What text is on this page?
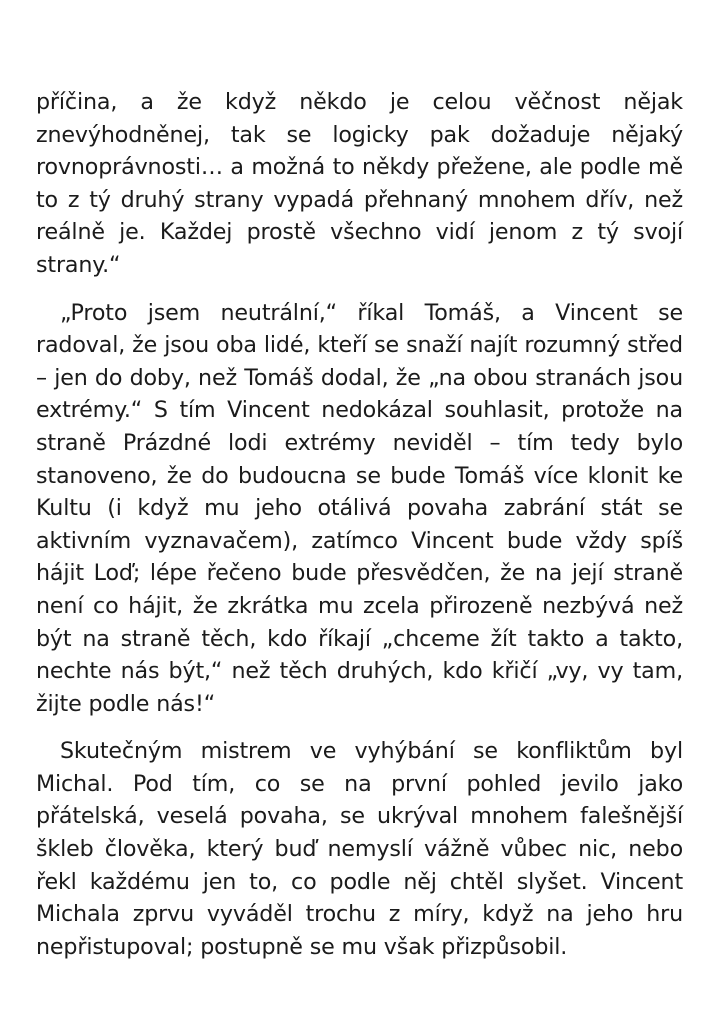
příčina, a že když někdo je celou věčnost nějak znevýhodněnej, tak se logicky pak dožaduje nějaký rovnoprávnosti… a možná to někdy přežene, ale podle mě to z tý druhý strany vypadá přehnaný mnohem dřív, než reálně je. Každej prostě všechno vidí jenom z tý svojí strany.“

„Proto jsem neutrální,“ říkal Tomáš, a Vincent se radoval, že jsou oba lidé, kteří se snaží najít rozumný střed – jen do doby, než Tomáš dodal, že „na obou stranách jsou extrémy.“ S tím Vincent nedokázal souhlasit, protože na straně Prázdné lodi extrémy neviděl – tím tedy bylo stanoveno, že do budoucna se bude Tomáš více klonit ke Kultu (i když mu jeho otálivá povaha zabrání stát se aktivním vyznavačem), zatímco Vincent bude vždy spíš hájit Loď; lépe řečeno bude přesvědčen, že na její straně není co hájit, že zkrátka mu zcela přirozeně nezbývá než být na straně těch, kdo říkají „chceme žít takto a takto, nechte nás být,“ než těch druhých, kdo křičí „vy, vy tam, žijte podle nás!“

Skutečným mistrem ve vyhýbání se konfliktům byl Michal. Pod tím, co se na první pohled jevilo jako přátelská, veselá povaha, se ukrýval mnohem falešnější škleb člověka, který buď nemyslí vážně vůbec nic, nebo řekl každému jen to, co podle něj chtěl slyšet. Vincent Michala zprvu vyváděl trochu z míry, když na jeho hru nepřistupoval; postupně se mu však přizpůsobil.
